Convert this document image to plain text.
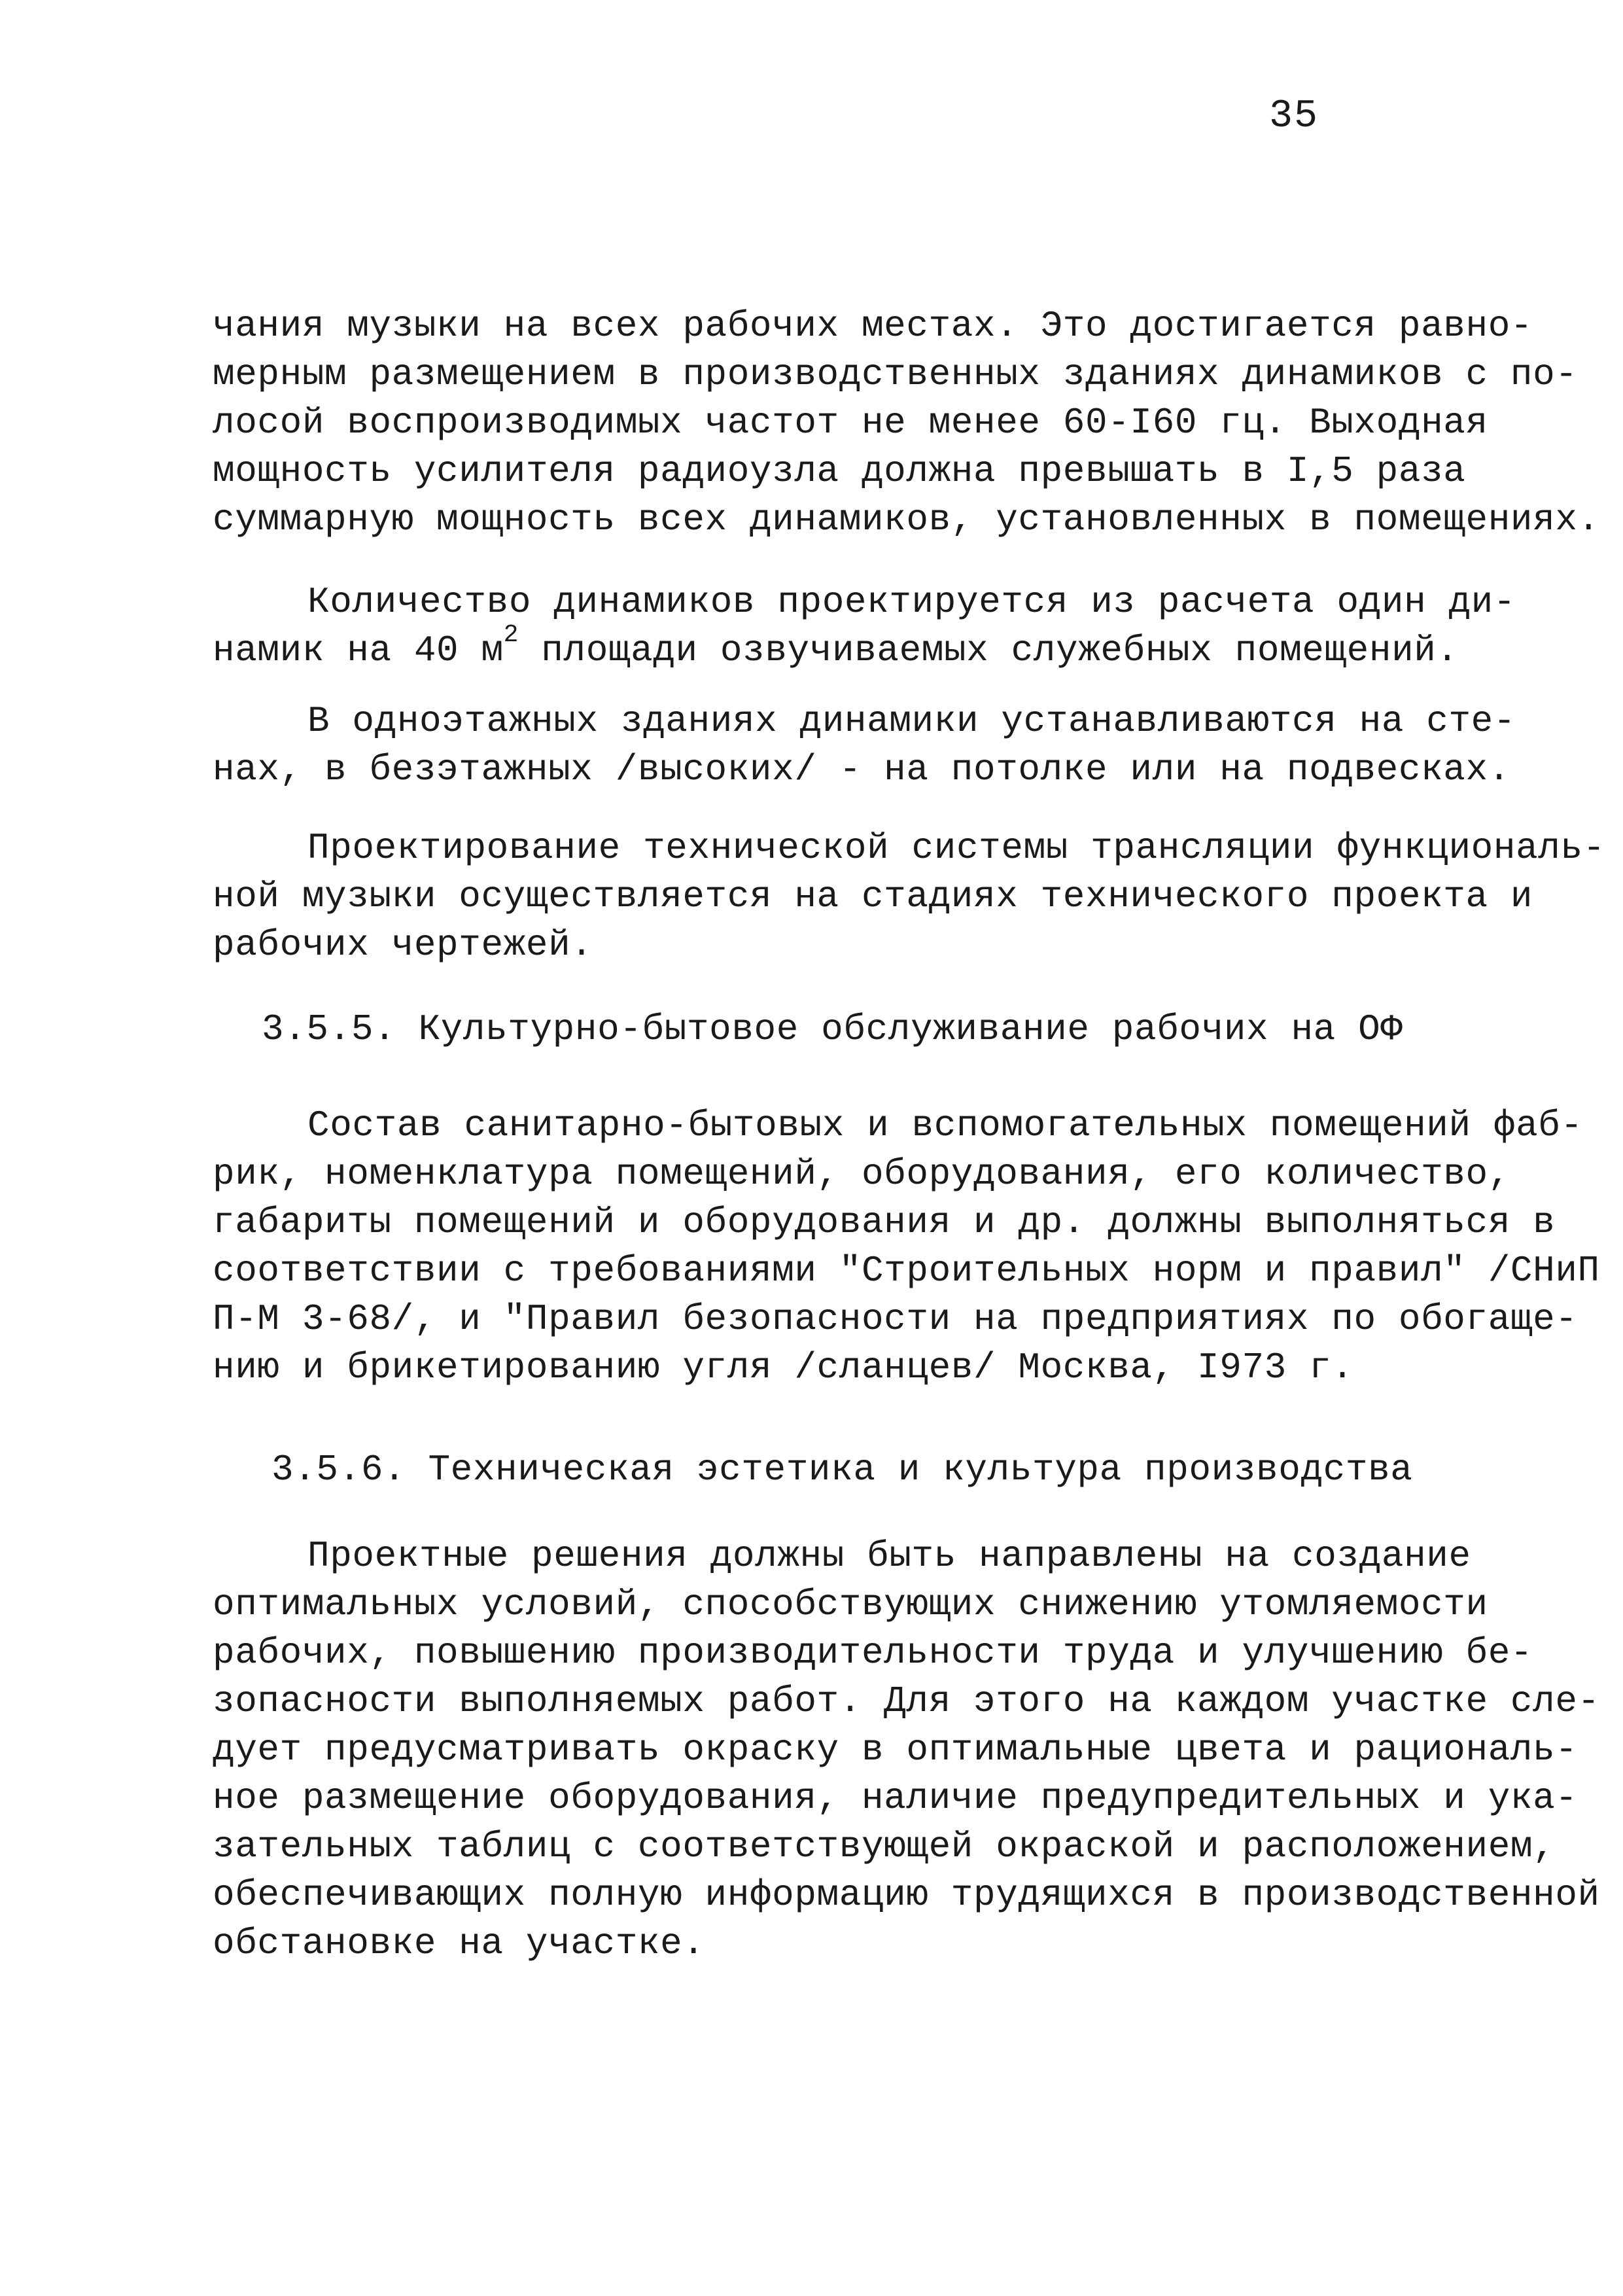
35
чания музыки на всех рабочих местах. Это достигается равно-
мерным размещением в производственных зданиях динамиков с по-
лосой воспроизводимых частот не менее 60-I60 гц. Выходная
мощность усилителя радиоузла должна превышать в I,5 раза
суммарную мощность всех динамиков, установленных в помещениях.
Количество динамиков проектируется из расчета один ди-
намик на 40 $м^2$ площади озвучиваемых служебных помещений.
В одноэтажных зданиях динамики устанавливаются на сте-
нах, в безэтажных /высоких/ - на потолке или на подвесках.
Проектирование технической системы трансляции функциональ-
ной музыки осуществляется на стадиях технического проекта и
рабочих чертежей.
3.5.5. Культурно-бытовое обслуживание рабочих на ОФ
Состав санитарно-бытовых и вспомогательных помещений фаб-
рик, номенклатура помещений, оборудования, его количество,
габариты помещений и оборудования и др. должны выполняться в
соответствии с требованиями "Строительных норм и правил" /СНиП
П-М 3-68/, и "Правил безопасности на предприятиях по обогаще-
нию и брикетированию угля /сланцев/ Москва, I973 г.
3.5.6. Техническая эстетика и культура производства
Проектные решения должны быть направлены на создание
оптимальных условий, способствующих снижению утомляемости
рабочих, повышению производительности труда и улучшению бе-
зопасности выполняемых работ. Для этого на каждом участке сле-
дует предусматривать окраску в оптимальные цвета и рациональ-
ное размещение оборудования, наличие предупредительных и ука-
зательных таблиц с соответствующей окраской и расположением,
обеспечивающих полную информацию трудящихся в производственной
обстановке на участке.
